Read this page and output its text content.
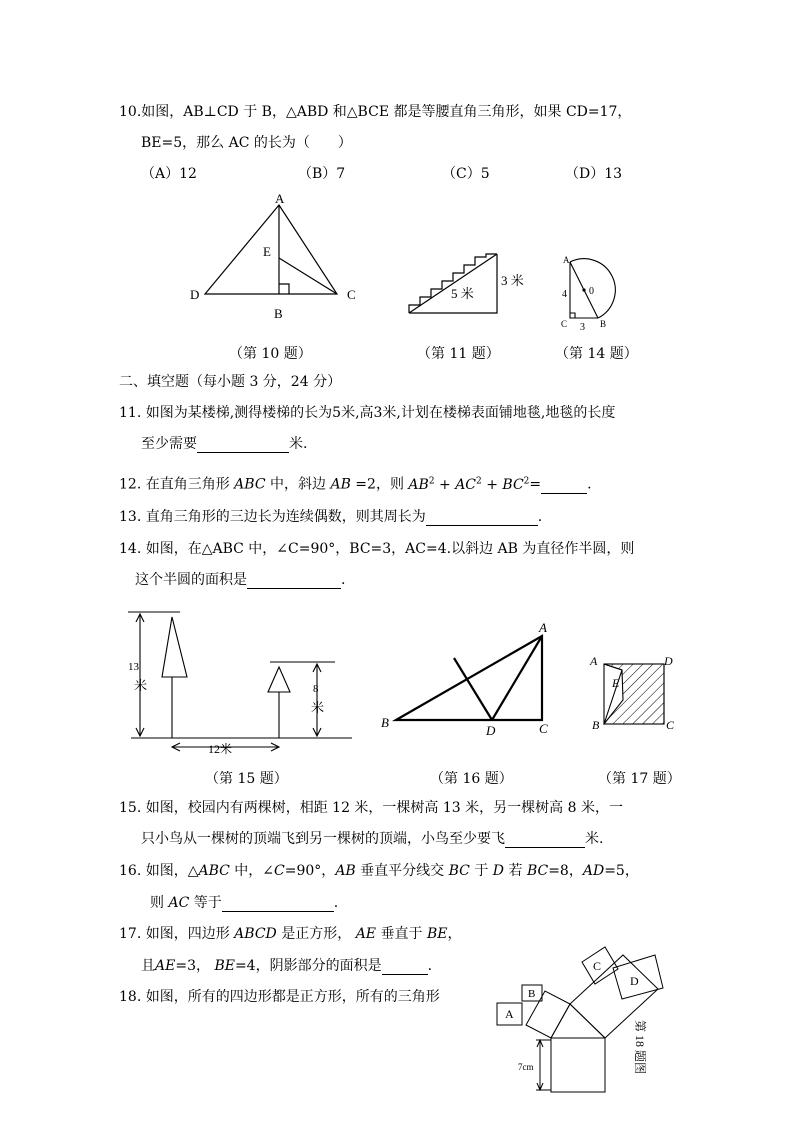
10.如图，AB⊥CD 于 B，△ABD 和△BCE 都是等腰直角三角形，如果 CD=17，
BE=5，那么 AC 的长为（　　）
（A）12	（B）7	（C）5	（D）13
（第 10 题）	（第 11 题）	（第 14 题）
二、填空题（每小题 3 分，24 分）
11. 如图为某楼梯,测得楼梯的长为5米,高3米,计划在楼梯表面铺地毯,地毯的长度
至少需要	米.
12. 在直角三角形 ABC 中，斜边 AB =2，则 $AB^2 + AC^2 + BC^2=$	.
13. 直角三角形的三边长为连续偶数，则其周长为	.
14. 如图，在△ABC 中，∠C=90°，BC=3，AC=4.以斜边 AB 为直径作半圆，则
这个半圆的面积是	.
（第 15 题）	（第 16 题）	（第 17 题）
15. 如图，校园内有两棵树，相距 12 米，一棵树高 13 米，另一棵树高 8 米，一
只小鸟从一棵树的顶端飞到另一棵树的顶端，小鸟至少要飞	米.
16. 如图，△ABC 中，∠C=90°，AB 垂直平分线交 BC 于 D 若 BC=8，AD=5，
则 AC 等于	.
17. 如图，四边形 ABCD 是正方形， AE 垂直于 BE，
且AE=3， BE=4，阴影部分的面积是	.
18. 如图，所有的四边形都是正方形，所有的三角形
A
E
D	C
B
5 米
3 米
A
0
4
C 3 B
13
米	8
米
12米
A
B
D	C
A	D
E
B	C
A
B
C
D
7cm	第 18 题图
